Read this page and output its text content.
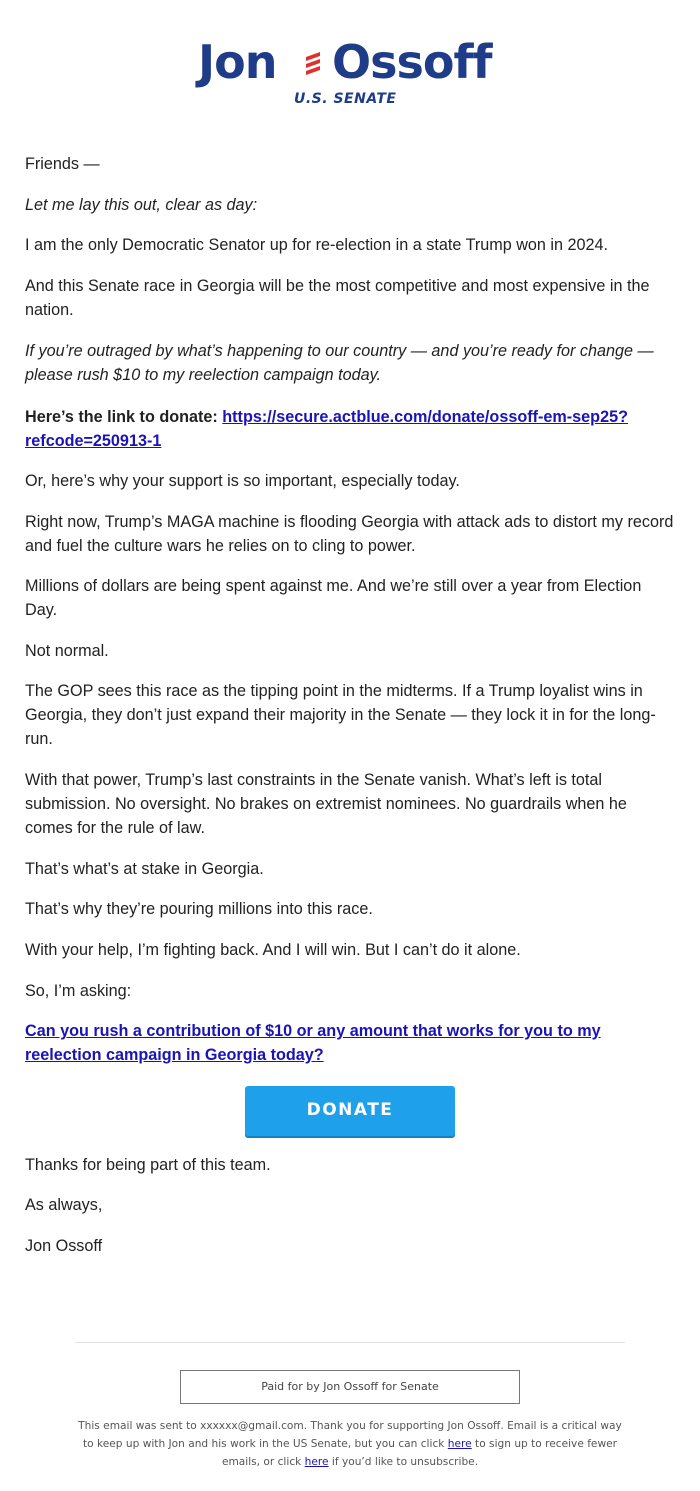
Jon Ossoff
U.S. SENATE

Friends —

Let me lay this out, clear as day:

I am the only Democratic Senator up for re-election in a state Trump won in 2024.

And this Senate race in Georgia will be the most competitive and most expensive in the nation.

If you’re outraged by what’s happening to our country — and you’re ready for change — please rush $10 to my reelection campaign today.

Here’s the link to donate: https://secure.actblue.com/donate/ossoff-em-sep25?refcode=250913-1

Or, here’s why your support is so important, especially today.

Right now, Trump’s MAGA machine is flooding Georgia with attack ads to distort my record and fuel the culture wars he relies on to cling to power.

Millions of dollars are being spent against me. And we’re still over a year from Election Day.

Not normal.

The GOP sees this race as the tipping point in the midterms. If a Trump loyalist wins in Georgia, they don’t just expand their majority in the Senate — they lock it in for the long-run.

With that power, Trump’s last constraints in the Senate vanish. What’s left is total submission. No oversight. No brakes on extremist nominees. No guardrails when he comes for the rule of law.

That’s what’s at stake in Georgia.

That’s why they’re pouring millions into this race.

With your help, I’m fighting back. And I will win. But I can’t do it alone.

So, I’m asking:

Can you rush a contribution of $10 or any amount that works for you to my reelection campaign in Georgia today?

Thanks for being part of this team.

As always,

Jon Ossoff

DONATE
Paid for by Jon Ossoff for Senate
This email was sent to xxxxxx@gmail.com. Thank you for supporting Jon Ossoff. Email is a critical way to keep up with Jon and his work in the US Senate, but you can click here to sign up to receive fewer emails, or click here if you’d like to unsubscribe.
